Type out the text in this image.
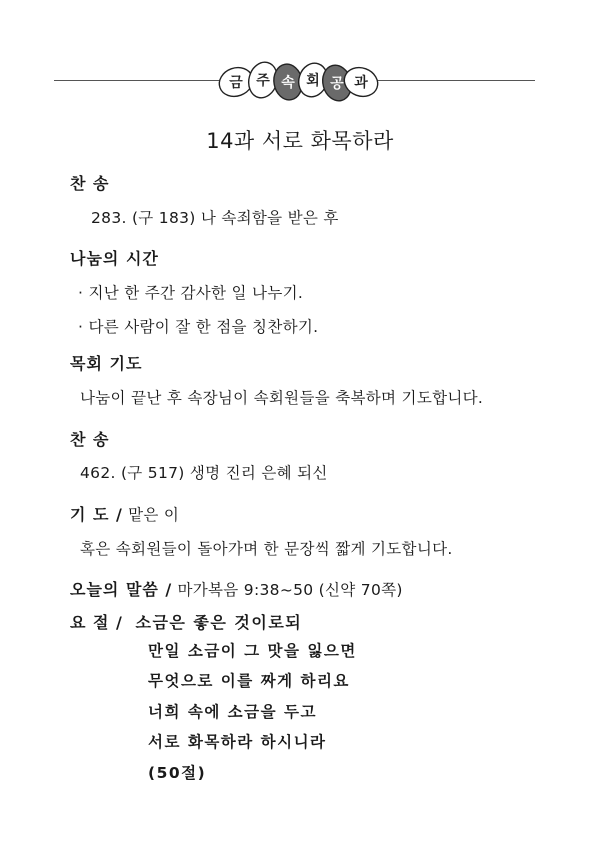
금 주 속 회 공 과
14과 서로 화목하라
찬 송
283. (구 183) 나 속죄함을 받은 후
나눔의 시간
· 지난 한 주간 감사한 일 나누기.
· 다른 사람이 잘 한 점을 칭찬하기.
목회 기도
나눔이 끝난 후 속장님이 속회원들을 축복하며 기도합니다.
찬 송
462. (구 517) 생명 진리 은혜 되신
기 도 / 맡은 이
혹은 속회원들이 돌아가며 한 문장씩 짧게 기도합니다.
오늘의 말씀 / 마가복음 9:38~50 (신약 70쪽)
요 절 / 소금은 좋은 것이로되
만일 소금이 그 맛을 잃으면
무엇으로 이를 짜게 하리요
너희 속에 소금을 두고
서로 화목하라 하시니라
(50절)
